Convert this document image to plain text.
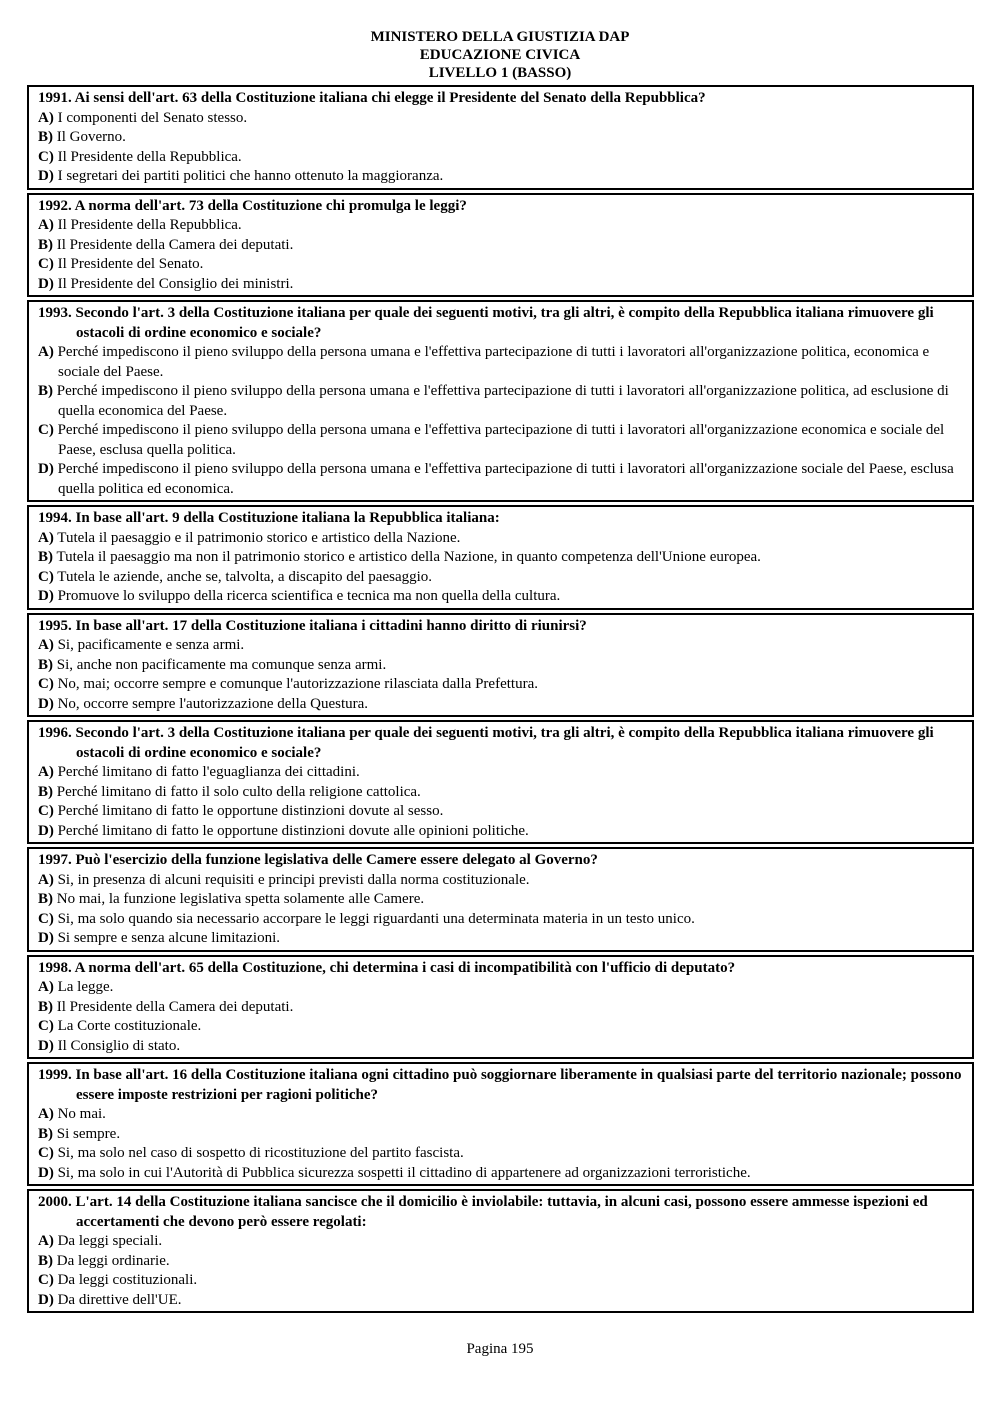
MINISTERO DELLA GIUSTIZIA DAP
EDUCAZIONE CIVICA
LIVELLO 1 (BASSO)
1991. Ai sensi dell'art. 63 della Costituzione italiana chi elegge il Presidente del Senato della Repubblica?
A) I componenti del Senato stesso.
B) Il Governo.
C) Il Presidente della Repubblica.
D) I segretari dei partiti politici che hanno ottenuto la maggioranza.
1992. A norma dell'art. 73 della Costituzione chi promulga le leggi?
A) Il Presidente della Repubblica.
B) Il Presidente della Camera dei deputati.
C) Il Presidente del Senato.
D) Il Presidente del Consiglio dei ministri.
1993. Secondo l'art. 3 della Costituzione italiana per quale dei seguenti motivi, tra gli altri, è compito della Repubblica italiana rimuovere gli ostacoli di ordine economico e sociale?
A) Perché impediscono il pieno sviluppo della persona umana e l'effettiva partecipazione di tutti i lavoratori all'organizzazione politica, economica e sociale del Paese.
B) Perché impediscono il pieno sviluppo della persona umana e l'effettiva partecipazione di tutti i lavoratori all'organizzazione politica, ad esclusione di quella economica del Paese.
C) Perché impediscono il pieno sviluppo della persona umana e l'effettiva partecipazione di tutti i lavoratori all'organizzazione economica e sociale del Paese, esclusa quella politica.
D) Perché impediscono il pieno sviluppo della persona umana e l'effettiva partecipazione di tutti i lavoratori all'organizzazione sociale del Paese, esclusa quella politica ed economica.
1994. In base all'art. 9 della Costituzione italiana la Repubblica italiana:
A) Tutela il paesaggio e il patrimonio storico e artistico della Nazione.
B) Tutela il paesaggio ma non il patrimonio storico e artistico della Nazione, in quanto competenza dell'Unione europea.
C) Tutela le aziende, anche se, talvolta, a discapito del paesaggio.
D) Promuove lo sviluppo della ricerca scientifica e tecnica ma non quella della cultura.
1995. In base all'art. 17 della Costituzione italiana i cittadini hanno diritto di riunirsi?
A) Si, pacificamente e senza armi.
B) Si, anche non pacificamente ma comunque senza armi.
C) No, mai; occorre sempre e comunque l'autorizzazione rilasciata dalla Prefettura.
D) No, occorre sempre l'autorizzazione della Questura.
1996. Secondo l'art. 3 della Costituzione italiana per quale dei seguenti motivi, tra gli altri, è compito della Repubblica italiana rimuovere gli ostacoli di ordine economico e sociale?
A) Perché limitano di fatto l'eguaglianza dei cittadini.
B) Perché limitano di fatto il solo culto della religione cattolica.
C) Perché limitano di fatto le opportune distinzioni dovute al sesso.
D) Perché limitano di fatto le opportune distinzioni dovute alle opinioni politiche.
1997. Può l'esercizio della funzione legislativa delle Camere essere delegato al Governo?
A) Si, in presenza di alcuni requisiti e principi previsti dalla norma costituzionale.
B) No mai, la funzione legislativa spetta solamente alle Camere.
C) Si, ma solo quando sia necessario accorpare le leggi riguardanti una determinata materia in un testo unico.
D) Si sempre e senza alcune limitazioni.
1998. A norma dell'art. 65 della Costituzione, chi determina i casi di incompatibilità con l'ufficio di deputato?
A) La legge.
B) Il Presidente della Camera dei deputati.
C) La Corte costituzionale.
D) Il Consiglio di stato.
1999. In base all'art. 16 della Costituzione italiana ogni cittadino può soggiornare liberamente in qualsiasi parte del territorio nazionale; possono essere imposte restrizioni per ragioni politiche?
A) No mai.
B) Si sempre.
C) Si, ma solo nel caso di sospetto di ricostituzione del partito fascista.
D) Si, ma solo in cui l'Autorità di Pubblica sicurezza sospetti il cittadino di appartenere ad organizzazioni terroristiche.
2000. L'art. 14 della Costituzione italiana sancisce che il domicilio è inviolabile: tuttavia, in alcuni casi, possono essere ammesse ispezioni ed accertamenti che devono però essere regolati:
A) Da leggi speciali.
B) Da leggi ordinarie.
C) Da leggi costituzionali.
D) Da direttive dell'UE.
Pagina 195
